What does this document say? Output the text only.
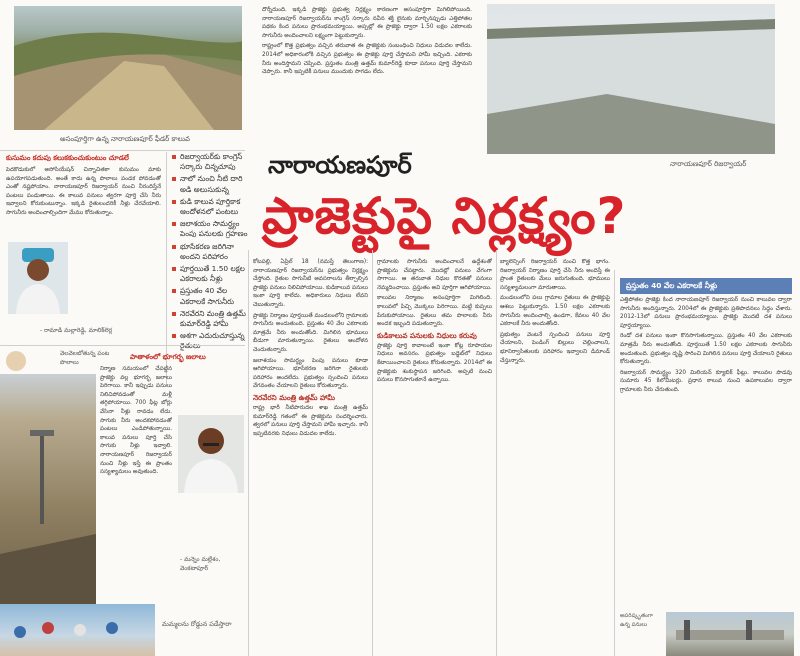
అసంపూర్తిగా ఉన్న నారాయణపూర్ ఫీడర్ కాలువ

దొర్నీదుంది. ఇక్కడి ప్రాజెక్టు ప్రభుత్వ నిర్లక్ష్యం కారణంగా అసంపూర్తిగా మిగిలిపోయింది. నారాయణపూర్ రిజర్వాయర్‌ను కాంగ్రెస్ సర్కారు నవీన శక్తి లైనుకు మార్చినప్పుడు ఎత్తిపోతల పథకం కింద పనులు ప్రారంభమయ్యాయి. అప్పట్లో ఈ ప్రాజెక్టు ద్వారా 1.50 లక్షల ఎకరాలకు సాగునీరు అందించాలని లక్ష్యంగా పెట్టుకున్నారు.

రాష్ట్రంలో కొత్త ప్రభుత్వం వచ్చిన తరువాత ఈ ప్రాజెక్టుకు సంబంధించి నిధులు విడుదల కాలేదు. 2014లో అధికారంలోకి వచ్చిన ప్రభుత్వం ఈ ప్రాజెక్టు పూర్తి చేస్తామని హామీ ఇచ్చింది. ఎకరాకు నీరు అందిస్తామని చెప్పింది. ప్రస్తుతం మంత్రి ఉత్తమ్ కుమార్‌రెడ్డి కూడా పనులు పూర్తి చేస్తామని చెప్పారు. కానీ ఇప్పటికీ పనులు ముందుకు సాగడం లేదు.

నారాయణపూర్ రిజర్వాయర్
కుసుమం కదుపు కలుకకుంచుకుంటుం చూడలే

పెదకొడుకులో అసోసియేషన్ చిన్నాచితకా కుసుమం మాకు ఉపయోగపడుతుంది. అంతే కాదు ఉన్న పొలాలు పండక పోవడంతో ఎంతో నష్టపోయాం. నారాయణపూర్ రిజర్వాయర్ నుంచి నీరందిస్తేనే పంటలు పండుతాయి. ఈ కాలువ పనులు త్వరగా పూర్తి చేసి నీరు ఇవ్వాలని కోరుకుంటున్నాం. ఇక్కడి రైతులందరికీ నీళ్లు చేరవేయాలి. సాగునీరు అందించాల్సిందిగా మేము కోరుతున్నాం.

- రామాడి మల్లారెడ్డి, మాలిక్‌లెర్ల
రిజర్వాయర్‌కు కాంగ్రెస్ సర్కారు చిన్నచూపు
నాలో నుంచి నీటి దారి అడి అలుసుకున్న
కుడి కాలువ పూర్తికాక ఆందోళనలో పంటలు
జలాశయం సామర్థ్యం పెంపు పనులకు గ్రహణం
భూసేకరణ జరిగినా అందని పరిహారం
పూర్తయితే 1.50 లక్షల ఎకరాలకు నీళ్లు
ప్రస్తుతం 40 వేల ఎకరాలకే సాగునీరు
నెరవేరని మంత్రి ఉత్తమ్ కుమార్‌రెడ్డి హామీ
ఆశగా ఎదురుచూస్తున్న
నారాయణపూర్
ప్రాజెక్టుపై నిర్లక్ష్యం?
వెలవెలబోతున్న పంట పొలాలు
పాతాళంలో భూగర్భ జలాలు

నిర్మాణ సమయంలో చేపట్టిన ప్రాజెక్టు వల్ల భూగర్భ జలాలు పెరిగాయి. కానీ ఇప్పుడు పనులు నిలిచిపోవడంతో మళ్లీ తగ్గిపోయాయి. 700 ఫీట్ల బోర్లు వేసినా నీళ్లు రావడం లేదు. సాగుకు నీరు అందకపోవడంతో పంటలు ఎండిపోతున్నాయి. కాలువ పనులు పూర్తి చేసి సాగుకు నీళ్లు ఇవ్వాలి. నారాయణపూర్ రిజర్వాయర్ నుంచి నీళ్లు ఇస్తే ఈ ప్రాంతం సస్యశ్యామలం అవుతుంది.

- మన్నెం మల్లేశం, వెంకటాపూర్
మమ్మలను రోడ్డున పడేస్తారా

కోటపల్లి, ఏప్రిల్ 18 (నమస్తే తెలంగాణ): నారాయణపూర్ రిజర్వాయర్‌ను ప్రభుత్వం నిర్లక్ష్యం చేస్తోంది. రైతుల సాగునీటి అవసరాలను తీర్చాల్సిన ప్రాజెక్టు పనులు నిలిచిపోయాయి. కుడికాలువ పనులు ఇంకా పూర్తి కాలేదు. అధికారులు నిధులు లేవని చెబుతున్నారు.

ప్రాజెక్టు నిర్మాణం పూర్తయితే మండలంలోని గ్రామాలకు సాగునీరు అందుతుంది. ప్రస్తుతం 40 వేల ఎకరాలకు మాత్రమే నీరు అందుతోంది. మిగిలిన భూములు బీడుగా మారుతున్నాయి. రైతులు ఆందోళన చెందుతున్నారు.

జలాశయం సామర్థ్యం పెంపు పనులు కూడా ఆగిపోయాయి. భూసేకరణ జరిగినా రైతులకు పరిహారం అందలేదు. ప్రభుత్వం స్పందించి పనులు వేగవంతం చేయాలని రైతులు కోరుతున్నారు.

నెరవేరని మంత్రి ఉత్తమ్ హామీ

రాష్ట్ర భారీ నీటిపారుదల శాఖ మంత్రి ఉత్తమ్ కుమార్‌రెడ్డి గతంలో ఈ ప్రాజెక్టును సందర్శించారు. త్వరలో పనులు పూర్తి చేస్తామని హామీ ఇచ్చారు. కానీ ఇప్పటివరకు నిధులు విడుదల కాలేదు.

గ్రామాలకు సాగునీరు అందించాలనే ఉద్దేశంతో ప్రాజెక్టును చేపట్టారు. మొదట్లో పనులు వేగంగా సాగాయి. ఆ తరువాత నిధుల కొరతతో పనులు నెమ్మదించాయి. ప్రస్తుతం అవి పూర్తిగా ఆగిపోయాయి.

కాలువల నిర్మాణం అసంపూర్తిగా మిగిలింది. కాలువలో పిచ్చి మొక్కలు పెరిగాయి. మట్టి కుప్పలు పేరుకుపోయాయి. రైతులు తమ పొలాలకు నీరు అందక ఇబ్బంది పడుతున్నారు.

కుడికాలువ పనులకు నిధులు కరువు

ప్రాజెక్టు పూర్తి కావాలంటే ఇంకా కోట్ల రూపాయల నిధులు అవసరం. ప్రభుత్వం బడ్జెట్‌లో నిధులు కేటాయించాలని రైతులు కోరుతున్నారు. 2014లో ఈ ప్రాజెక్టుకు శంకుస్థాపన జరిగింది. అప్పటి నుంచి పనులు కొనసాగుతూనే ఉన్నాయి.

బ్యాలెన్సింగ్ రిజర్వాయర్ నుంచి కొత్త భాగం. రిజర్వాయర్ నిర్మాణం పూర్తి చేసి నీరు అందిస్తే ఈ ప్రాంత రైతులకు మేలు జరుగుతుంది. భూములు సస్యశ్యామలంగా మారుతాయి.

మండలంలోని పలు గ్రామాల రైతులు ఈ ప్రాజెక్టుపై ఆశలు పెట్టుకున్నారు. 1.50 లక్షల ఎకరాలకు సాగునీరు అందించాల్సి ఉండగా, కేవలం 40 వేల ఎకరాలకే నీరు అందుతోంది.

ప్రభుత్వం వెంటనే స్పందించి పనులు పూర్తి చేయాలని, పెండింగ్ బిల్లులు చెల్లించాలని, భూనిర్వాసితులకు పరిహారం ఇవ్వాలని డిమాండ్ చేస్తున్నారు.

ప్రస్తుతం 40 వేల ఎకరాలకే నీళ్లు

ఎత్తిపోతల ప్రాజెక్టు కింద నారాయణపూర్ రిజర్వాయర్ నుంచి కాలువల ద్వారా సాగునీరు అందిస్తున్నారు. 2004లో ఈ ప్రాజెక్టుకు ప్రతిపాదనలు సిద్ధం చేశారు. 2012-13లో పనులు ప్రారంభమయ్యాయి. ప్రాజెక్టు మొదటి దశ పనులు పూర్తయ్యాయి.

రెండో దశ పనులు ఇంకా కొనసాగుతున్నాయి. ప్రస్తుతం 40 వేల ఎకరాలకు మాత్రమే నీరు అందుతోంది. పూర్తయితే 1.50 లక్షల ఎకరాలకు సాగునీరు అందుతుంది. ప్రభుత్వం దృష్టి సారించి మిగిలిన పనులు పూర్తి చేయాలని రైతులు కోరుతున్నారు.

రిజర్వాయర్ సామర్థ్యం 320 మిలియన్ క్యూబిక్ ఫీట్లు. కాలువల పొడవు సుమారు 45 కిలోమీటర్లు. ప్రధాన కాలువ నుంచి ఉపకాలువల ద్వారా గ్రామాలకు నీరు చేరుతుంది.

అపరిష్కృతంగా ఉన్న పనులు
